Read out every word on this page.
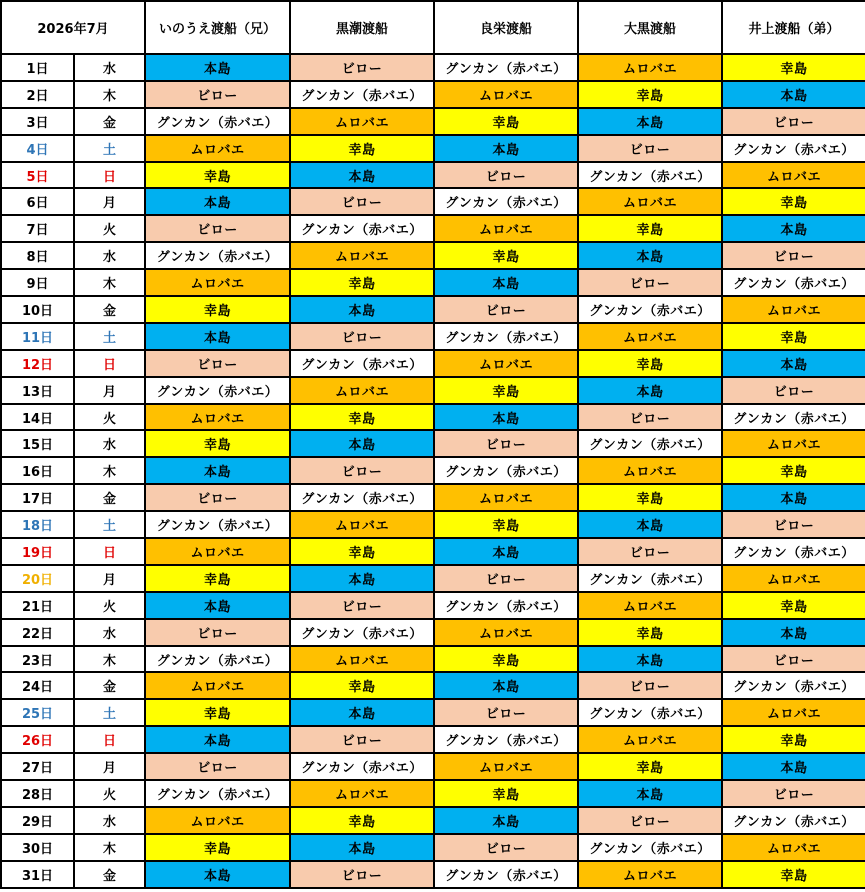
2026年7月		いのうえ渡船（兄）	黒潮渡船	良栄渡船	大黒渡船	井上渡船（弟）
1日	水	本島	ビロー	グンカン（赤バエ）	ムロバエ	幸島
2日	木	ビロー	グンカン（赤バエ）	ムロバエ	幸島	本島
3日	金	グンカン（赤バエ）	ムロバエ	幸島	本島	ビロー
4日	土	ムロバエ	幸島	本島	ビロー	グンカン（赤バエ）
5日	日	幸島	本島	ビロー	グンカン（赤バエ）	ムロバエ
6日	月	本島	ビロー	グンカン（赤バエ）	ムロバエ	幸島
7日	火	ビロー	グンカン（赤バエ）	ムロバエ	幸島	本島
8日	水	グンカン（赤バエ）	ムロバエ	幸島	本島	ビロー
9日	木	ムロバエ	幸島	本島	ビロー	グンカン（赤バエ）
10日	金	幸島	本島	ビロー	グンカン（赤バエ）	ムロバエ
11日	土	本島	ビロー	グンカン（赤バエ）	ムロバエ	幸島
12日	日	ビロー	グンカン（赤バエ）	ムロバエ	幸島	本島
13日	月	グンカン（赤バエ）	ムロバエ	幸島	本島	ビロー
14日	火	ムロバエ	幸島	本島	ビロー	グンカン（赤バエ）
15日	水	幸島	本島	ビロー	グンカン（赤バエ）	ムロバエ
16日	木	本島	ビロー	グンカン（赤バエ）	ムロバエ	幸島
17日	金	ビロー	グンカン（赤バエ）	ムロバエ	幸島	本島
18日	土	グンカン（赤バエ）	ムロバエ	幸島	本島	ビロー
19日	日	ムロバエ	幸島	本島	ビロー	グンカン（赤バエ）
20日	月	幸島	本島	ビロー	グンカン（赤バエ）	ムロバエ
21日	火	本島	ビロー	グンカン（赤バエ）	ムロバエ	幸島
22日	水	ビロー	グンカン（赤バエ）	ムロバエ	幸島	本島
23日	木	グンカン（赤バエ）	ムロバエ	幸島	本島	ビロー
24日	金	ムロバエ	幸島	本島	ビロー	グンカン（赤バエ）
25日	土	幸島	本島	ビロー	グンカン（赤バエ）	ムロバエ
26日	日	本島	ビロー	グンカン（赤バエ）	ムロバエ	幸島
27日	月	ビロー	グンカン（赤バエ）	ムロバエ	幸島	本島
28日	火	グンカン（赤バエ）	ムロバエ	幸島	本島	ビロー
29日	水	ムロバエ	幸島	本島	ビロー	グンカン（赤バエ）
30日	木	幸島	本島	ビロー	グンカン（赤バエ）	ムロバエ
31日	金	本島	ビロー	グンカン（赤バエ）	ムロバエ	幸島
